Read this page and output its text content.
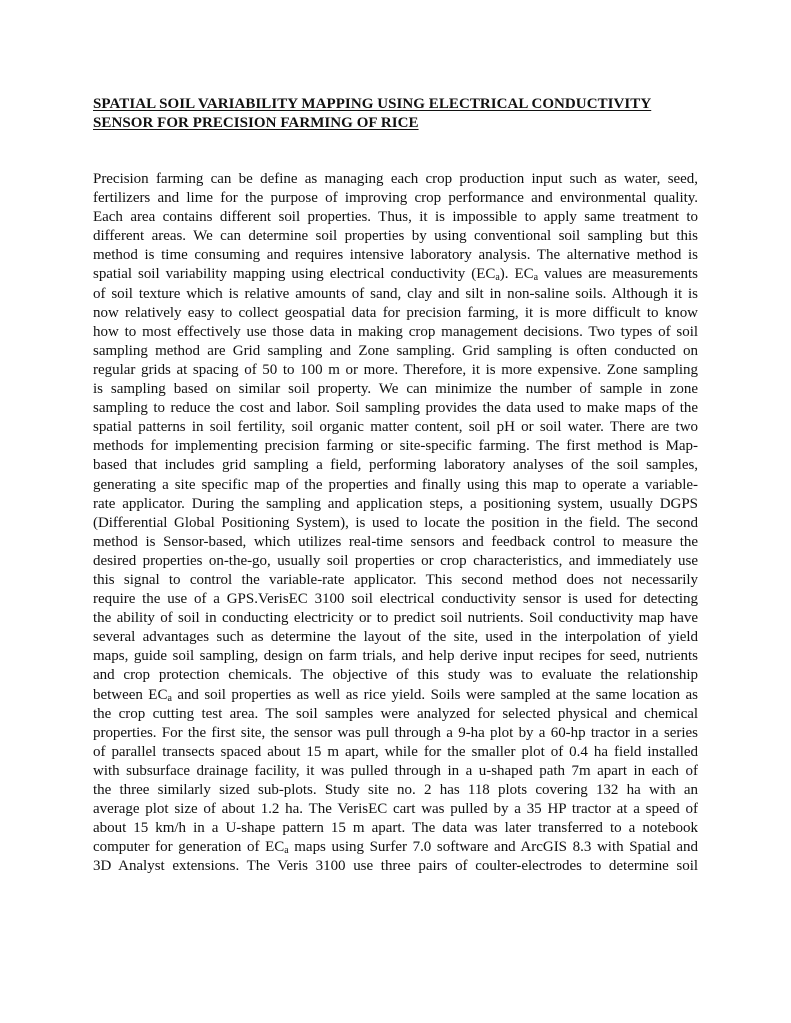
SPATIAL SOIL VARIABILITY MAPPING USING ELECTRICAL CONDUCTIVITY
SENSOR FOR PRECISION FARMING OF RICE
Precision farming can be define as managing each crop production input such as water, seed,
fertilizers and lime for the purpose of improving crop performance and environmental quality.
Each area contains different soil properties. Thus, it is impossible to apply same treatment to
different areas. We can determine soil properties by using conventional soil sampling but this
method is time consuming and requires intensive laboratory analysis. The alternative method is
spatial soil variability mapping using electrical conductivity $(EC_a)$. $EC_a$ values are measurements
of soil texture which is relative amounts of sand, clay and silt in non-saline soils. Although it is
now relatively easy to collect geospatial data for precision farming, it is more difficult to know
how to most effectively use those data in making crop management decisions. Two types of soil
sampling method are Grid sampling and Zone sampling. Grid sampling is often conducted on
regular grids at spacing of 50 to 100 m or more. Therefore, it is more expensive. Zone sampling
is sampling based on similar soil property. We can minimize the number of sample in zone
sampling to reduce the cost and labor. Soil sampling provides the data used to make maps of the
spatial patterns in soil fertility, soil organic matter content, soil pH or soil water. There are two
methods for implementing precision farming or site-specific farming. The first method is Map-
based that includes grid sampling a field, performing laboratory analyses of the soil samples,
generating a site specific map of the properties and finally using this map to operate a variable-
rate applicator. During the sampling and application steps, a positioning system, usually DGPS
(Differential Global Positioning System), is used to locate the position in the field. The second
method is Sensor-based, which utilizes real-time sensors and feedback control to measure the
desired properties on-the-go, usually soil properties or crop characteristics, and immediately use
this signal to control the variable-rate applicator. This second method does not necessarily
require the use of a GPS.VerisEC 3100 soil electrical conductivity sensor is used for detecting
the ability of soil in conducting electricity or to predict soil nutrients. Soil conductivity map have
several advantages such as determine the layout of the site, used in the interpolation of yield
maps, guide soil sampling, design on farm trials, and help derive input recipes for seed, nutrients
and crop protection chemicals. The objective of this study was to evaluate the relationship
between $EC_a$ and soil properties as well as rice yield. Soils were sampled at the same location as
the crop cutting test area. The soil samples were analyzed for selected physical and chemical
properties. For the first site, the sensor was pull through a 9-ha plot by a 60-hp tractor in a series
of parallel transects spaced about 15 m apart, while for the smaller plot of 0.4 ha field installed
with subsurface drainage facility, it was pulled through in a u-shaped path 7m apart in each of
the three similarly sized sub-plots. Study site no. 2 has 118 plots covering 132 ha with an
average plot size of about 1.2 ha. The VerisEC cart was pulled by a 35 HP tractor at a speed of
about 15 km/h in a U-shape pattern 15 m apart. The data was later transferred to a notebook
computer for generation of $EC_a$ maps using Surfer 7.0 software and ArcGIS 8.3 with Spatial and
3D Analyst extensions. The Veris 3100 use three pairs of coulter-electrodes to determine soil
